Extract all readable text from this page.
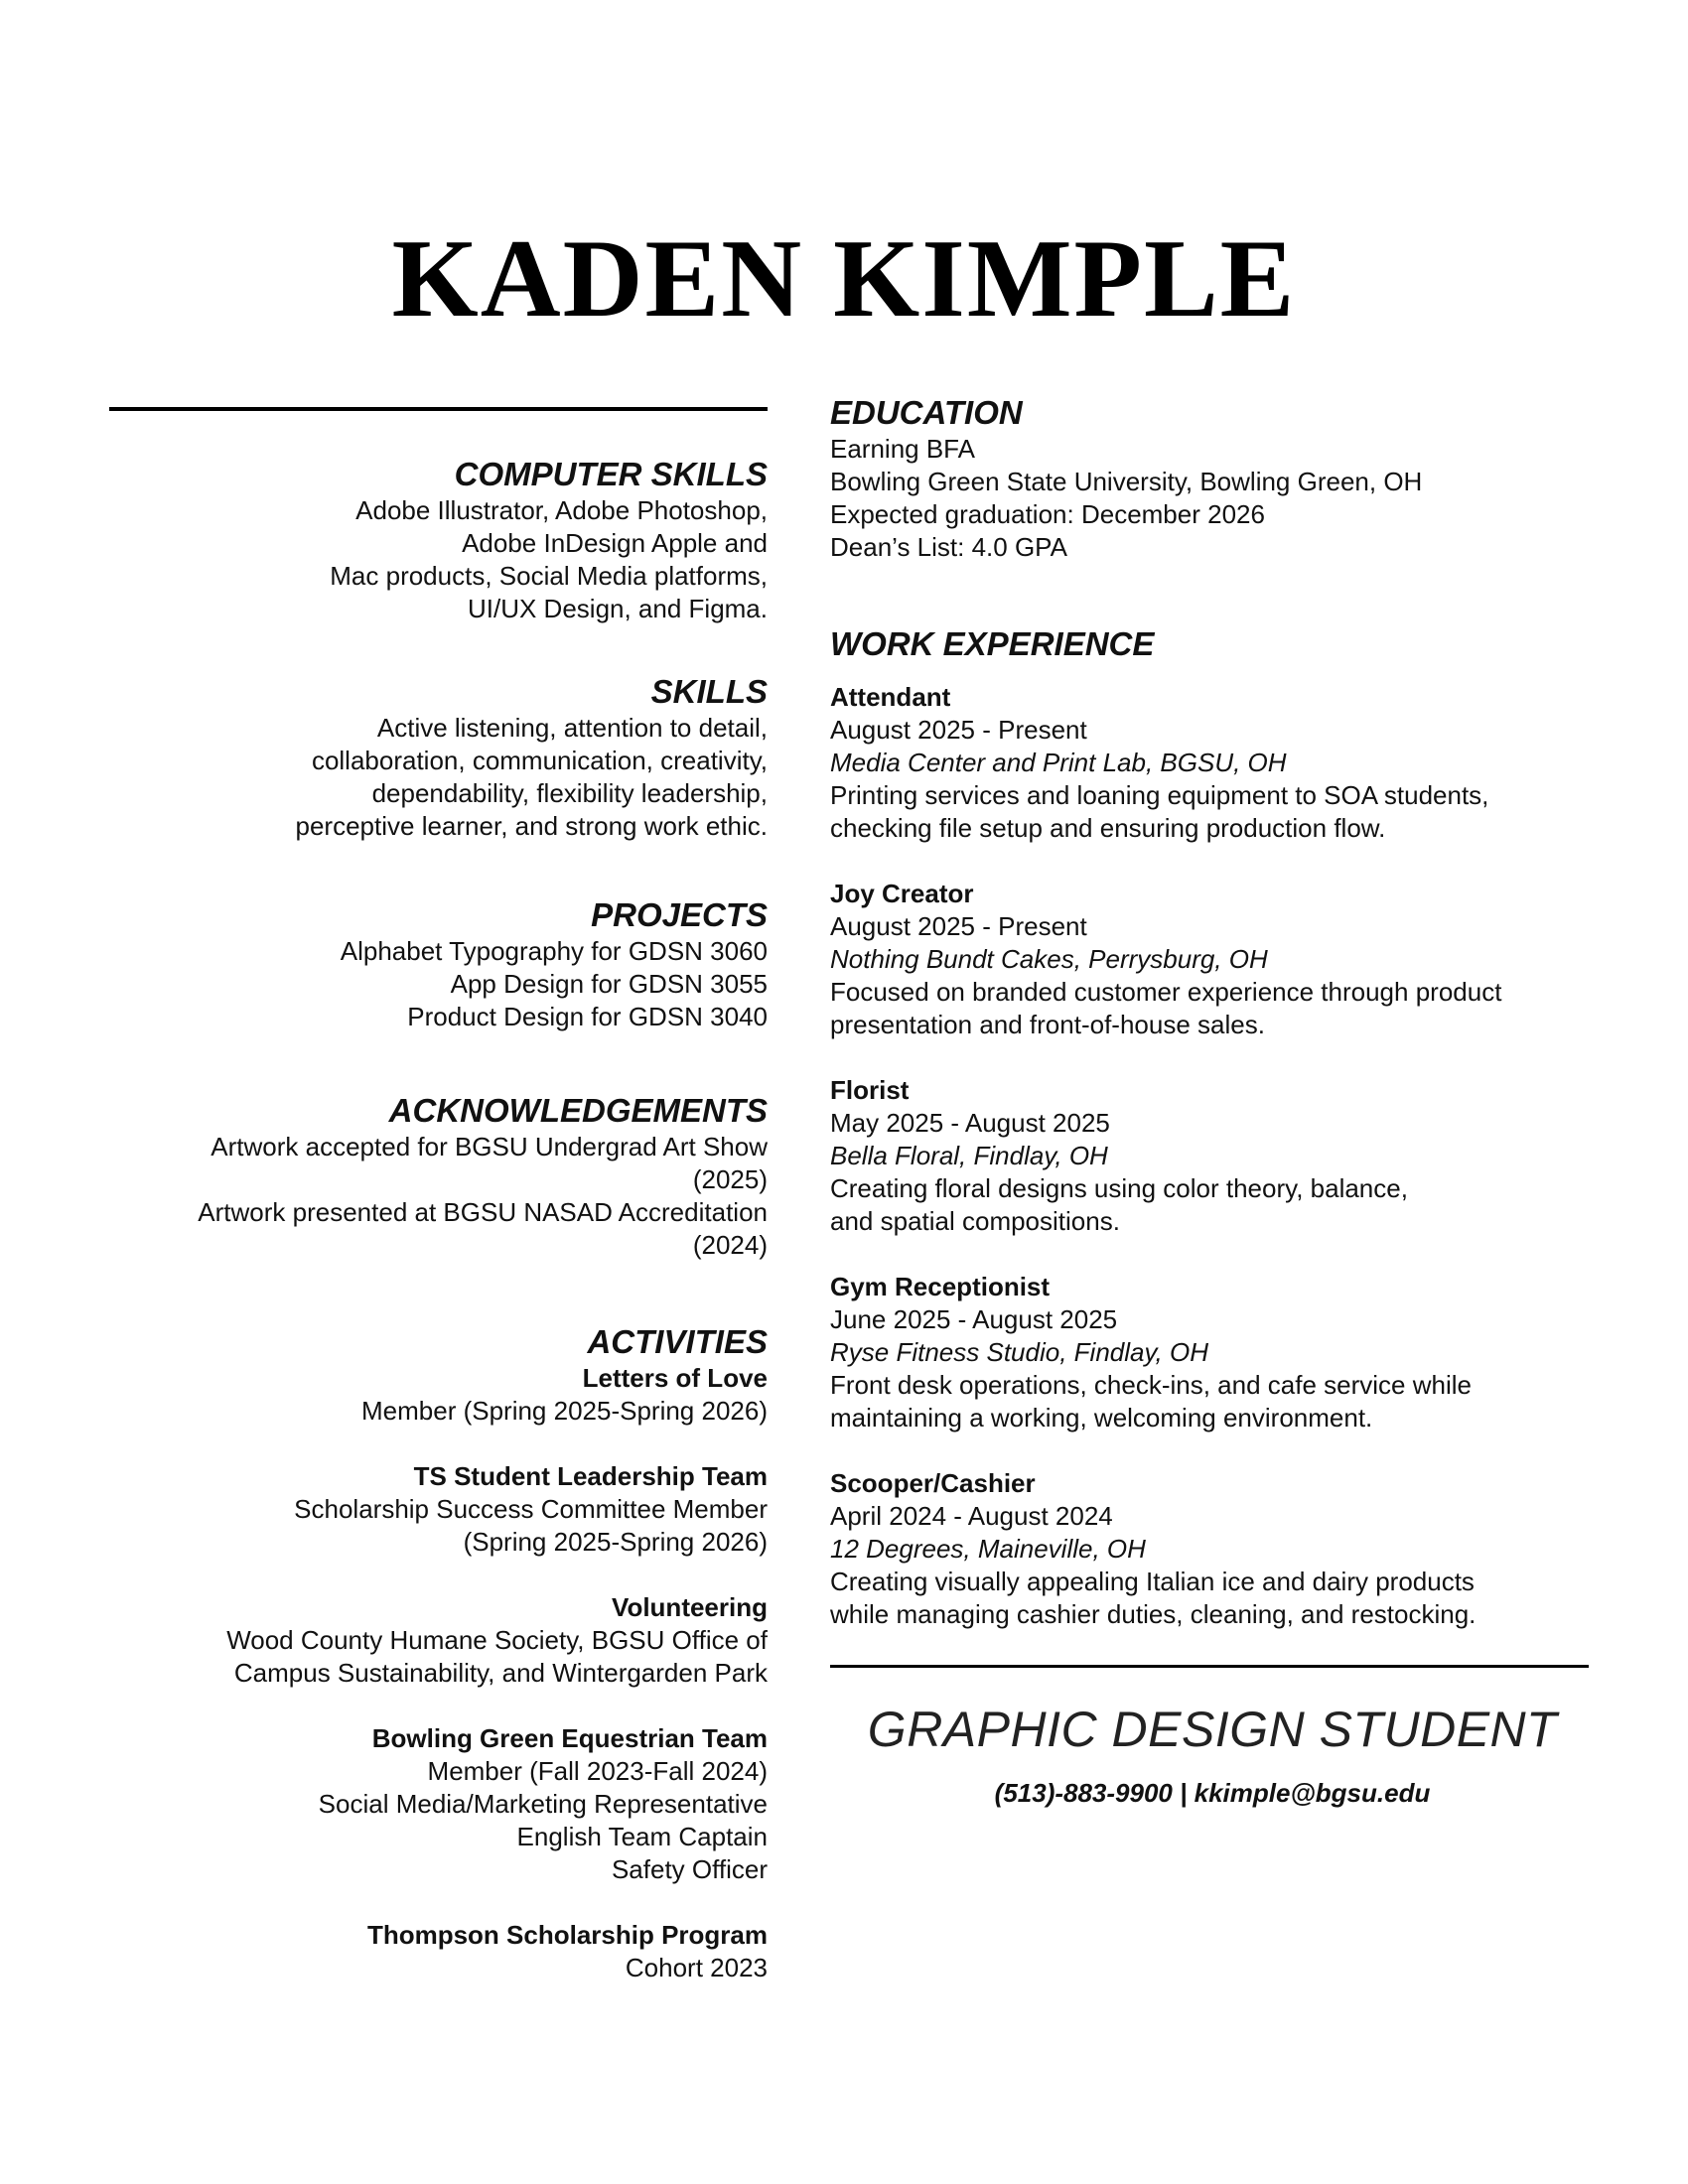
KADEN KIMPLE
COMPUTER SKILLS
Adobe Illustrator, Adobe Photoshop,
Adobe InDesign Apple and
Mac products, Social Media platforms,
UI/UX Design, and Figma.
SKILLS
Active listening, attention to detail,
collaboration, communication, creativity,
dependability, flexibility leadership,
perceptive learner, and strong work ethic.
PROJECTS
Alphabet Typography for GDSN 3060
App Design for GDSN 3055
Product Design for GDSN 3040
ACKNOWLEDGEMENTS
Artwork accepted for BGSU Undergrad Art Show
(2025)
Artwork presented at BGSU NASAD Accreditation
(2024)
ACTIVITIES
Letters of Love
Member (Spring 2025-Spring 2026)
TS Student Leadership Team
Scholarship Success Committee Member
(Spring 2025-Spring 2026)
Volunteering
Wood County Humane Society, BGSU Office of
Campus Sustainability, and Wintergarden Park
Bowling Green Equestrian Team
Member (Fall 2023-Fall 2024)
Social Media/Marketing Representative
English Team Captain
Safety Officer
Thompson Scholarship Program
Cohort 2023
EDUCATION
Earning BFA
Bowling Green State University, Bowling Green, OH
Expected graduation: December 2026
Dean’s List: 4.0 GPA
WORK EXPERIENCE
Attendant
August 2025 - Present
Media Center and Print Lab, BGSU, OH
Printing services and loaning equipment to SOA students,
checking file setup and ensuring production flow.
Joy Creator
August 2025 - Present
Nothing Bundt Cakes, Perrysburg, OH
Focused on branded customer experience through product
presentation and front-of-house sales.
Florist
May 2025 - August 2025
Bella Floral, Findlay, OH
Creating floral designs using color theory, balance,
and spatial compositions.
Gym Receptionist
June 2025 - August 2025
Ryse Fitness Studio, Findlay, OH
Front desk operations, check-ins, and cafe service while
maintaining a working, welcoming environment.
Scooper/Cashier
April 2024 - August 2024
12 Degrees, Maineville, OH
Creating visually appealing Italian ice and dairy products
while managing cashier duties, cleaning, and restocking.
GRAPHIC DESIGN STUDENT
(513)-883-9900 | kkimple@bgsu.edu
